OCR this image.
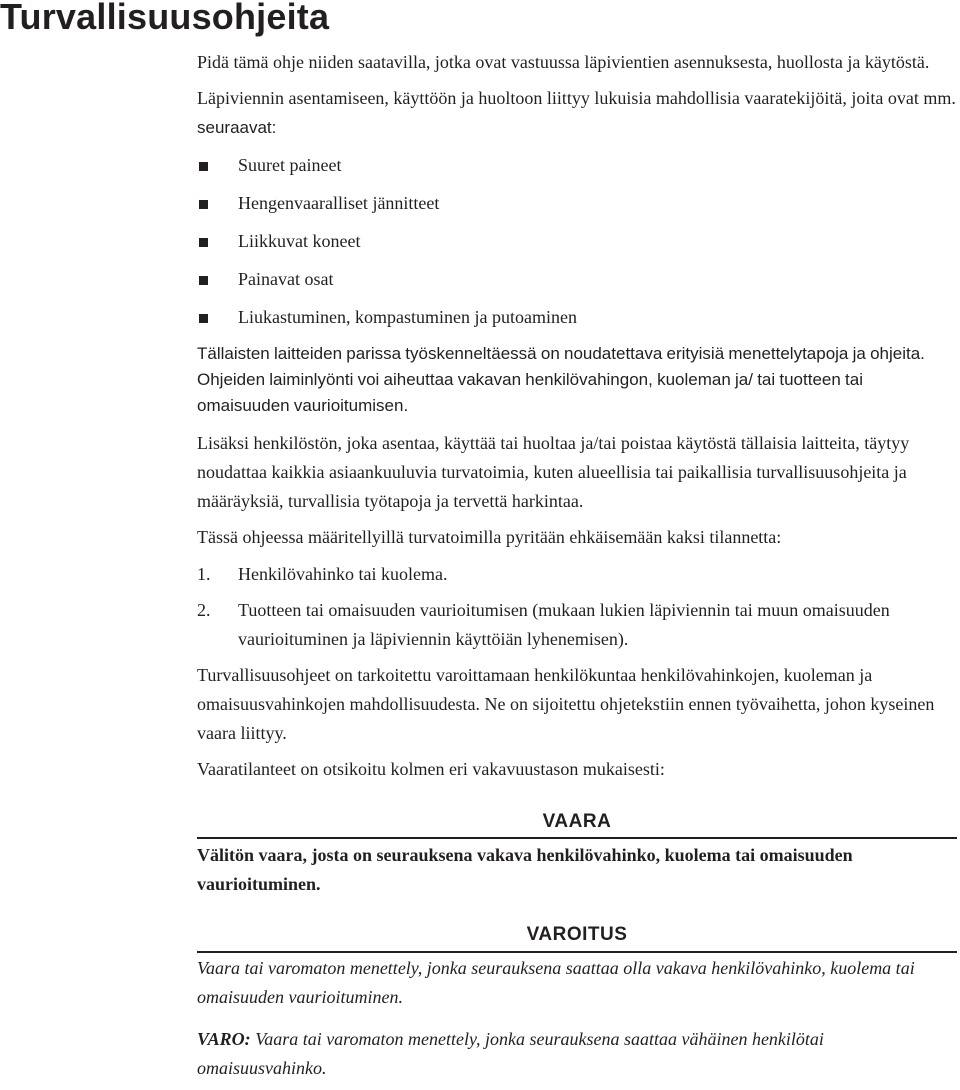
Turvallisuusohjeita

Pidä tämä ohje niiden saatavilla, jotka ovat vastuussa läpivientien asennuksesta, huollosta ja käytöstä.

Läpiviennin asentamiseen, käyttöön ja huoltoon liittyy lukuisia mahdollisia vaaratekijöitä, joita ovat mm. seuraavat:

Suuret paineet
Hengenvaaralliset jännitteet
Liikkuvat koneet
Painavat osat
Liukastuminen, kompastuminen ja putoaminen

Tällaisten laitteiden parissa työskenneltäessä on noudatettava erityisiä menettelytapoja ja ohjeita. Ohjeiden laiminlyönti voi aiheuttaa vakavan henkilövahingon, kuoleman ja/ tai tuotteen tai omaisuuden vaurioitumisen.

Lisäksi henkilöstön, joka asentaa, käyttää tai huoltaa ja/tai poistaa käytöstä tällaisia laitteita, täytyy noudattaa kaikkia asiaankuuluvia turvatoimia, kuten alueellisia tai paikallisia turvallisuusohjeita ja määräyksiä, turvallisia työtapoja ja tervettä harkintaa.

Tässä ohjeessa määritellyillä turvatoimilla pyritään ehkäisemään kaksi tilannetta:

1. Henkilövahinko tai kuolema.
2. Tuotteen tai omaisuuden vaurioitumisen (mukaan lukien läpiviennin tai muun omaisuuden vaurioituminen ja läpiviennin käyttöiän lyhenemisen).

Turvallisuusohjeet on tarkoitettu varoittamaan henkilökuntaa henkilövahinkojen, kuoleman ja omaisuusvahinkojen mahdollisuudesta. Ne on sijoitettu ohjetekstiin ennen työvaihetta, johon kyseinen vaara liittyy.

Vaaratilanteet on otsikoitu kolmen eri vakavuustason mukaisesti:

VAARA

Välitön vaara, josta on seurauksena vakava henkilövahinko, kuolema tai omaisuuden vaurioituminen.

VAROITUS

Vaara tai varomaton menettely, jonka seurauksena saattaa olla vakava henkilövahinko, kuolema tai omaisuuden vaurioituminen.

VARO: Vaara tai varomaton menettely, jonka seurauksena saattaa vähäinen henkilötai omaisuusvahinko.
